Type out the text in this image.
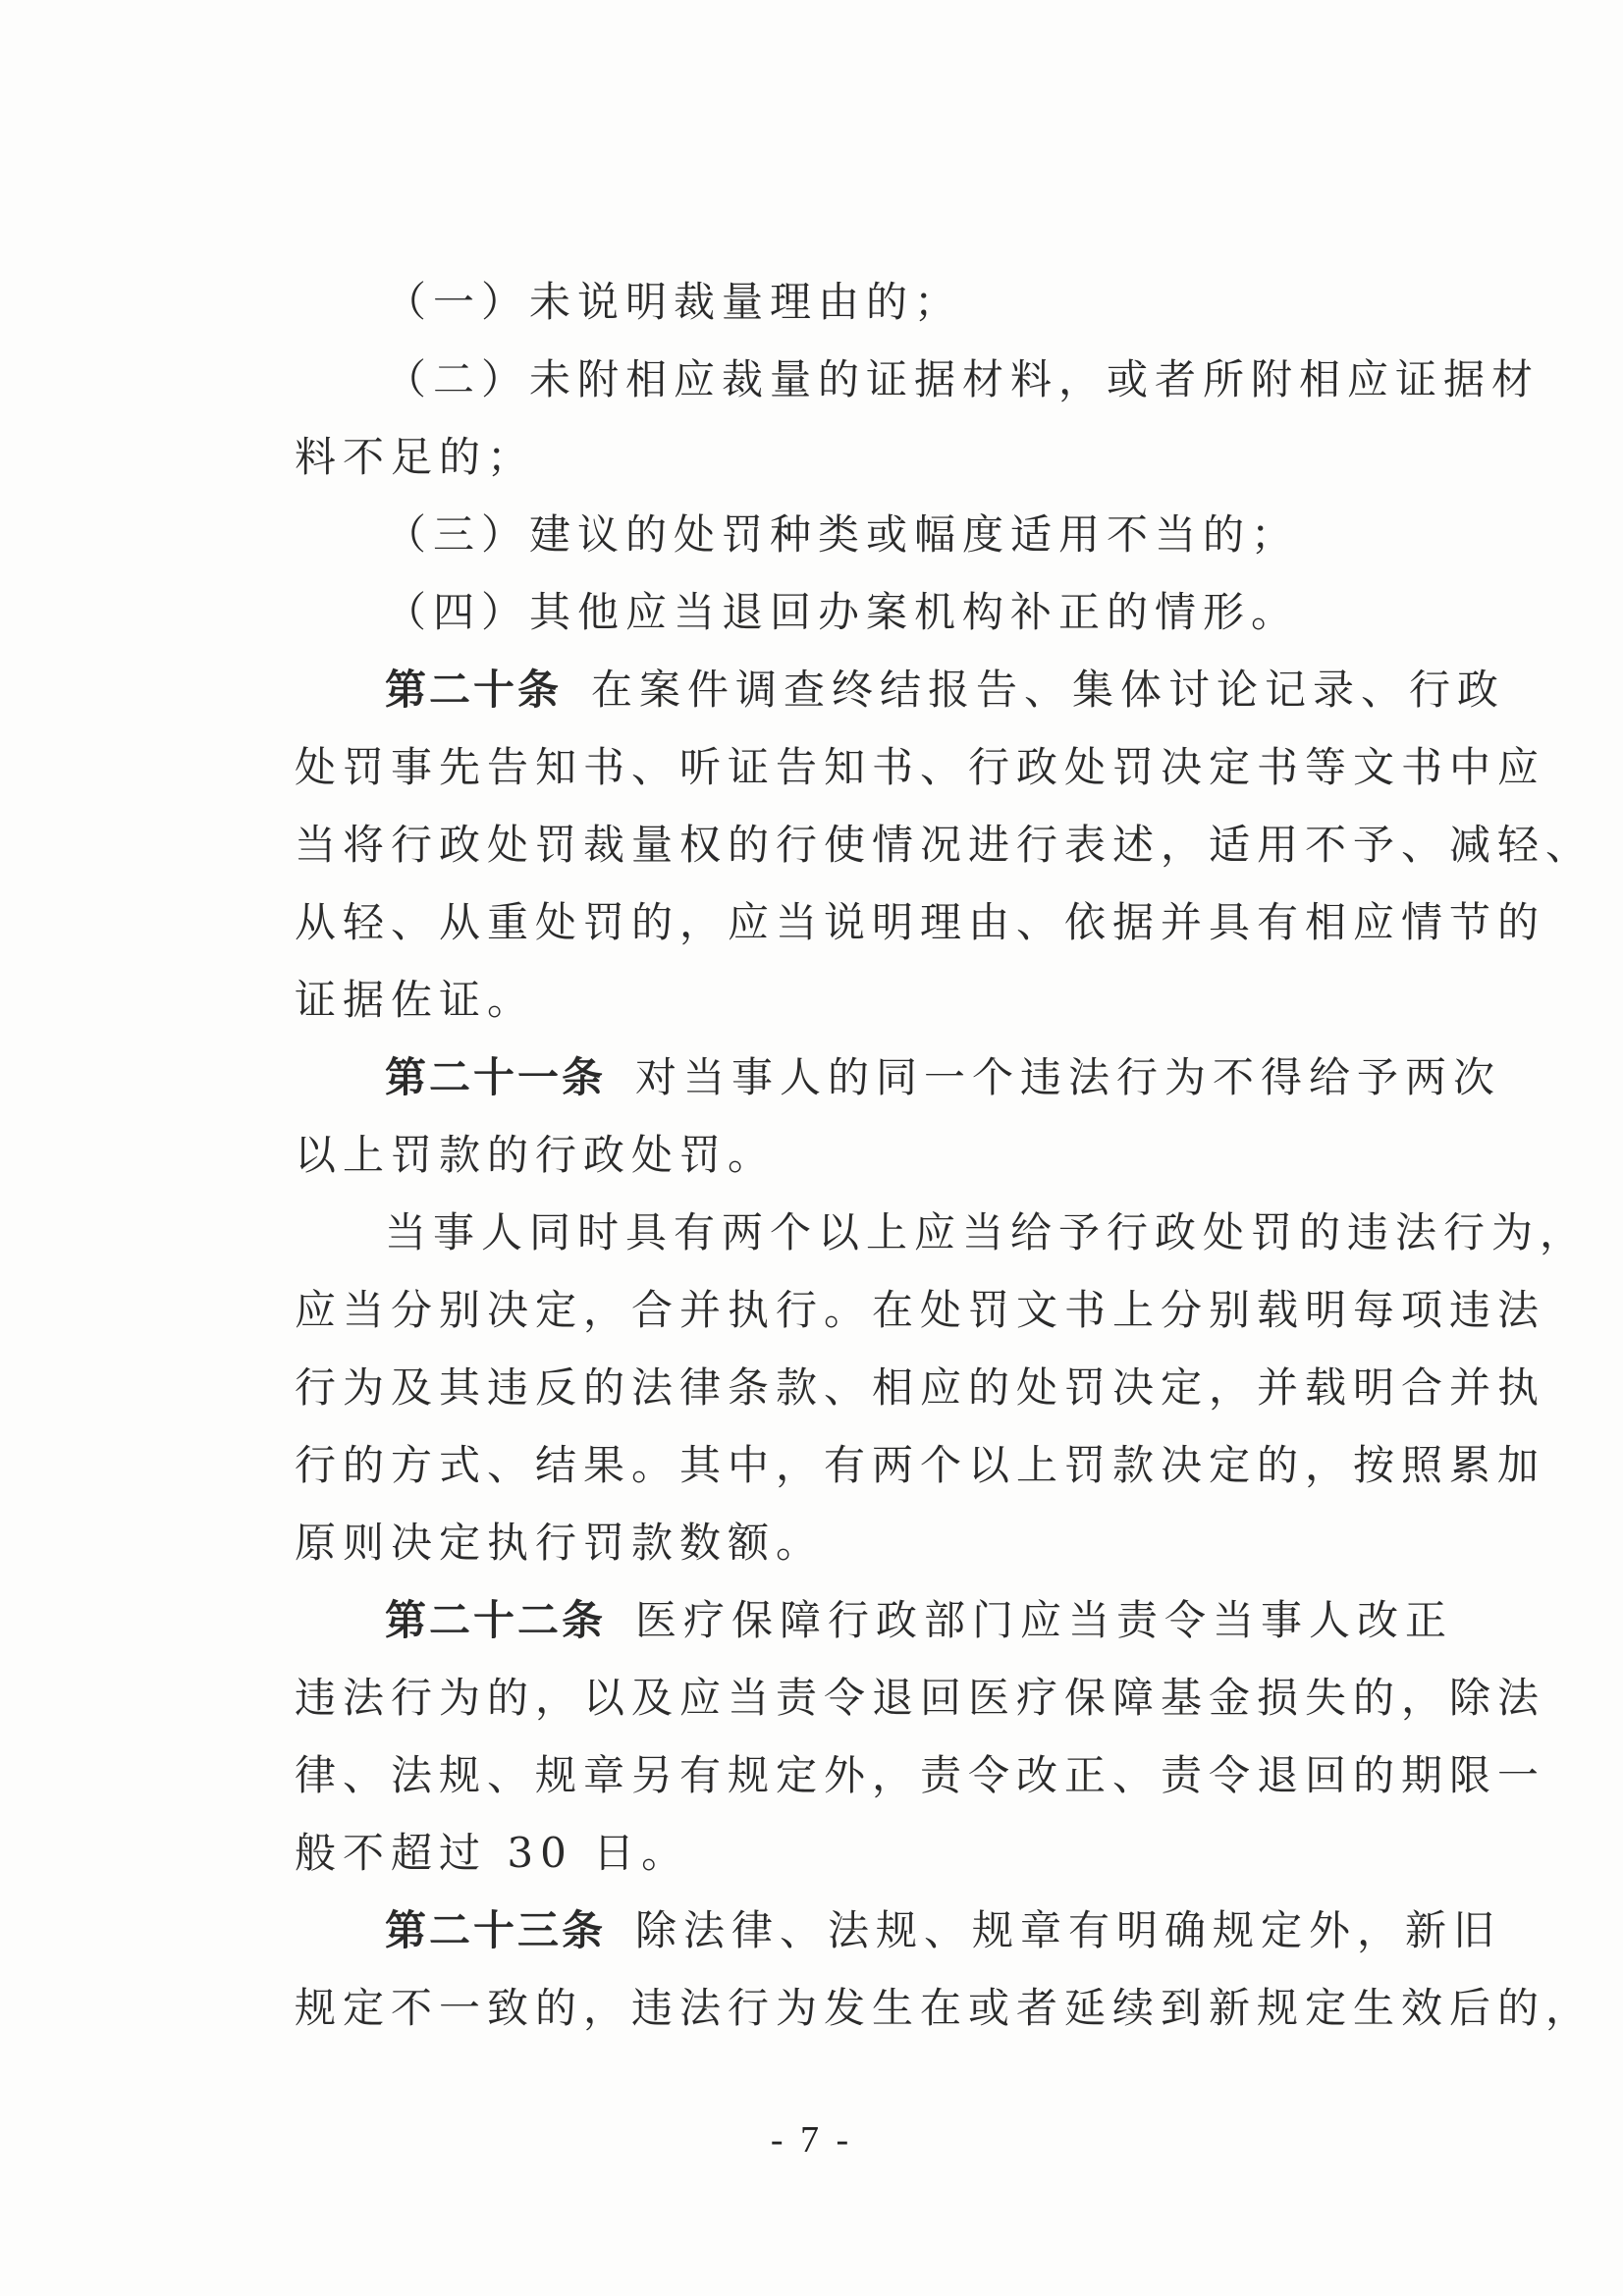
（一）未说明裁量理由的；
（二）未附相应裁量的证据材料，或者所附相应证据材
料不足的；
（三）建议的处罚种类或幅度适用不当的；
（四）其他应当退回办案机构补正的情形。
第二十条 在案件调查终结报告、集体讨论记录、行政
处罚事先告知书、听证告知书、行政处罚决定书等文书中应
当将行政处罚裁量权的行使情况进行表述，适用不予、减轻、
从轻、从重处罚的，应当说明理由、依据并具有相应情节的
证据佐证。
第二十一条 对当事人的同一个违法行为不得给予两次
以上罚款的行政处罚。
当事人同时具有两个以上应当给予行政处罚的违法行为，
应当分别决定，合并执行。在处罚文书上分别载明每项违法
行为及其违反的法律条款、相应的处罚决定，并载明合并执
行的方式、结果。其中，有两个以上罚款决定的，按照累加
原则决定执行罚款数额。
第二十二条 医疗保障行政部门应当责令当事人改正
违法行为的，以及应当责令退回医疗保障基金损失的，除法
律、法规、规章另有规定外，责令改正、责令退回的期限一
般不超过 30 日。
第二十三条 除法律、法规、规章有明确规定外，新旧
规定不一致的，违法行为发生在或者延续到新规定生效后的，
- 7 -
